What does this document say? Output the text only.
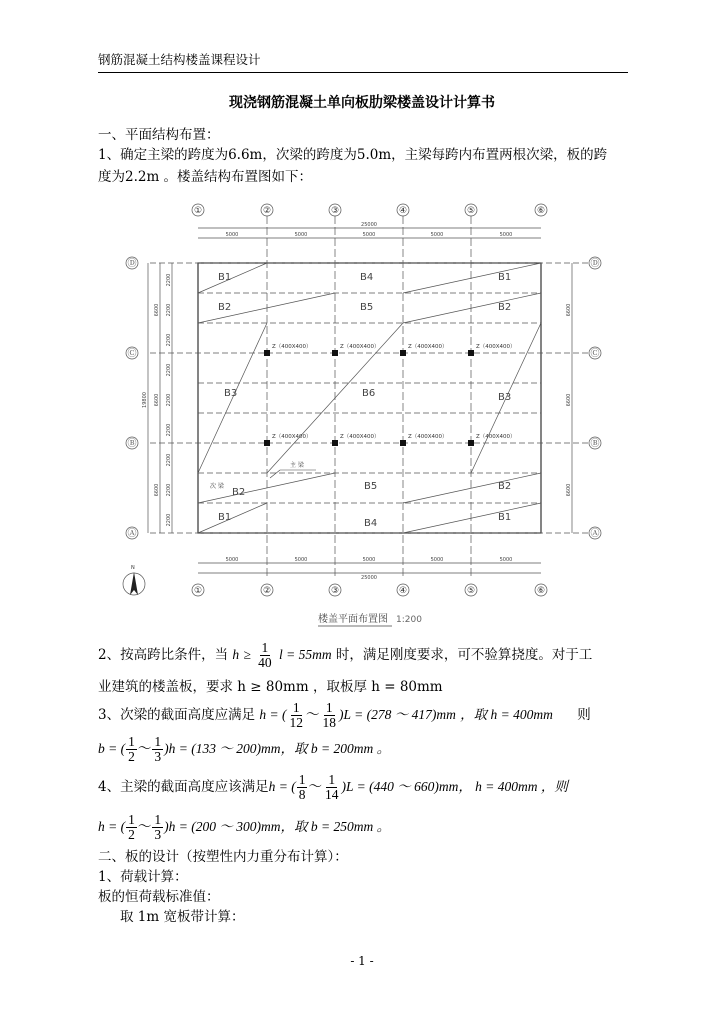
钢筋混凝土结构楼盖课程设计
现浇钢筋混凝土单向板肋梁楼盖设计计算书
一、平面结构布置：
1、确定主梁的跨度为6.6m，次梁的跨度为5.0m，主梁每跨内布置两根次梁，板的跨
度为2.2m 。楼盖结构布置图如下：
①	②	③	④	⑤	⑥
①	②	③	④	⑤	⑥
Ⓓ
Ⓒ
Ⓑ
Ⓐ
Ⓓ
Ⓒ
Ⓑ
Ⓐ
25000
5000	5000	5000	5000	5000
5000	5000	5000	5000	5000
25000
2200
2200
2200
2200
2200
2200
2200
2200
2200
6600
6600
6600
19800
6600
6600
6600
Z（400X400）	Z（400X400）	Z（400X400）	Z（400X400）
Z（400X400）	Z（400X400）	Z（400X400）	Z（400X400）
B1	B4	B1
B2	B5	B2
B3	B6	B3
B2
B5	B2
B1
B4
B1
主 梁
次 梁
N
楼盖平面布置图 1:200
2、按高跨比条件，当 $h \ge \frac{1}{40}$ l = 55mm 时，满足刚度要求，可不验算挠度。对于工
业建筑的楼盖板，要求 h ≥ 80mm ，取板厚 h = 80mm
3、次梁的截面高度应满足 h = ( $\frac{1}{12}$ ～ $\frac{1}{18} )L = (278$ ～ 417)mm ，取 h = 400mm 则
b = ( $\frac{1}{2}$ ～ $\frac{1}{3} )h = (133$ ～ 200)mm，取 b = 200mm 。
4、主梁的截面高度应该满足h = ( $\frac{1}{8}$ ～ $\frac{1}{14} )L = (440$ ～ 660)mm， h = 400mm ，则
h = ( $\frac{1}{2}$ ～ $\frac{1}{3} )h = (200$ ～ 300)mm，取 b = 250mm 。
二、板的设计（按塑性内力重分布计算）：
1、荷载计算：
板的恒荷载标准值：
取 1m 宽板带计算：
- 1 -
